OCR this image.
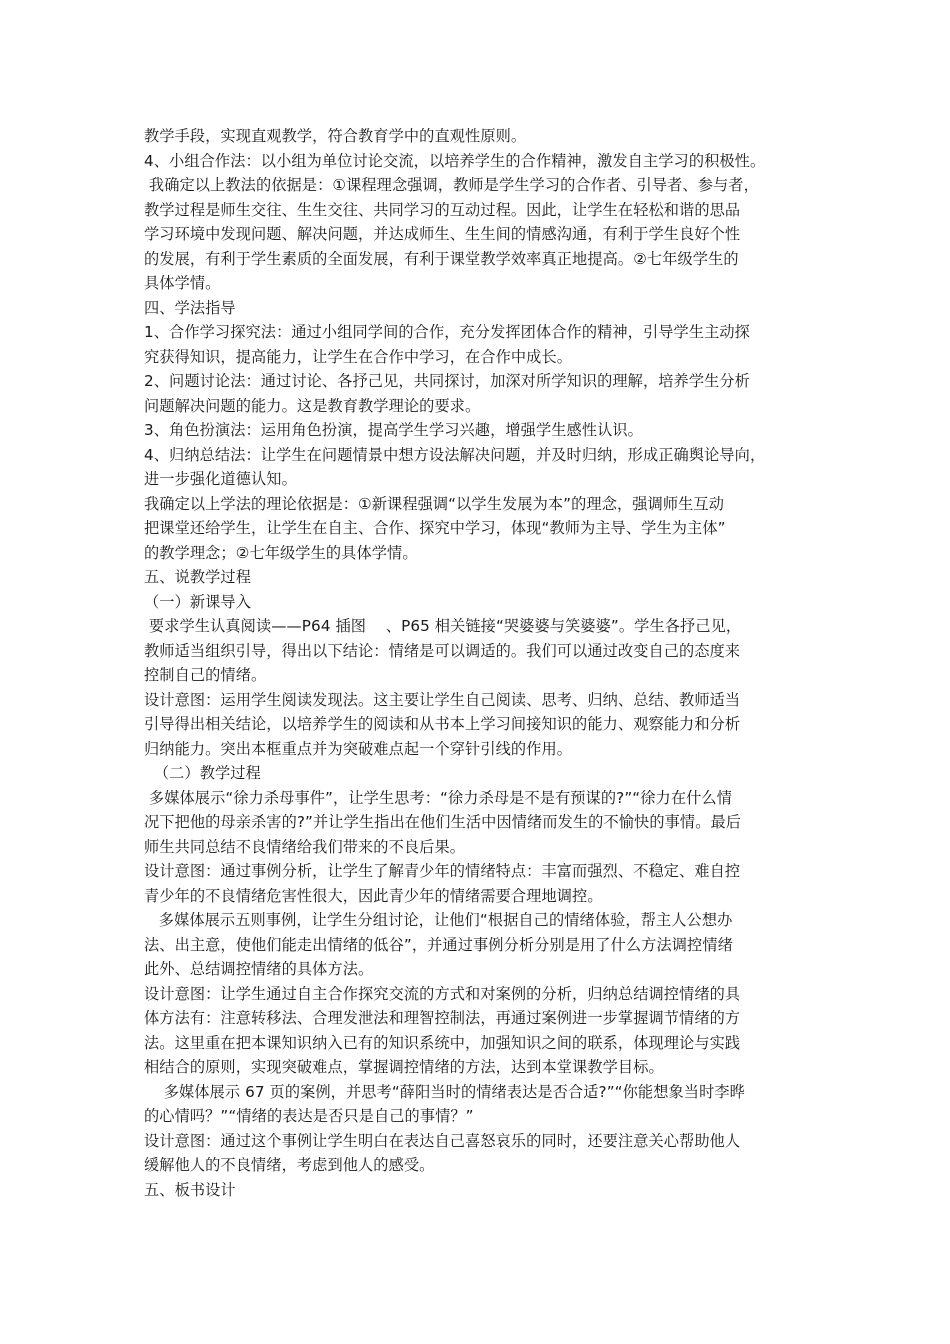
教学手段，实现直观教学，符合教育学中的直观性原则。
4、小组合作法：以小组为单位讨论交流，以培养学生的合作精神，激发自主学习的积极性。
我确定以上教法的依据是：①课程理念强调，教师是学生学习的合作者、引导者、参与者，
教学过程是师生交往、生生交往、共同学习的互动过程。因此，让学生在轻松和谐的思品
学习环境中发现问题、解决问题，并达成师生、生生间的情感沟通，有利于学生良好个性
的发展，有利于学生素质的全面发展，有利于课堂教学效率真正地提高。②七年级学生的
具体学情。
四、学法指导
1、合作学习探究法：通过小组同学间的合作，充分发挥团体合作的精神，引导学生主动探
究获得知识，提高能力，让学生在合作中学习，在合作中成长。
2、问题讨论法：通过讨论、各抒己见，共同探讨，加深对所学知识的理解，培养学生分析
问题解决问题的能力。这是教育教学理论的要求。
3、角色扮演法：运用角色扮演，提高学生学习兴趣，增强学生感性认识。
4、归纳总结法：让学生在问题情景中想方设法解决问题，并及时归纳，形成正确舆论导向，
进一步强化道德认知。
我确定以上学法的理论依据是：①新课程强调“以学生发展为本”的理念，强调师生互动
把课堂还给学生，让学生在自主、合作、探究中学习，体现“教师为主导、学生为主体”
的教学理念；②七年级学生的具体学情。
五、说教学过程
（一）新课导入
要求学生认真阅读——P64 插图    、P65 相关链接“哭婆婆与笑婆婆”。学生各抒己见，
教师适当组织引导，得出以下结论：情绪是可以调适的。我们可以通过改变自己的态度来
控制自己的情绪。
设计意图：运用学生阅读发现法。这主要让学生自己阅读、思考、归纳、总结、教师适当
引导得出相关结论，以培养学生的阅读和从书本上学习间接知识的能力、观察能力和分析
归纳能力。突出本框重点并为突破难点起一个穿针引线的作用。
（二）教学过程
多媒体展示“徐力杀母事件”，让学生思考：“徐力杀母是不是有预谋的?”“徐力在什么情
况下把他的母亲杀害的?”并让学生指出在他们生活中因情绪而发生的不愉快的事情。最后
师生共同总结不良情绪给我们带来的不良后果。
设计意图：通过事例分析，让学生了解青少年的情绪特点：丰富而强烈、不稳定、难自控
青少年的不良情绪危害性很大，因此青少年的情绪需要合理地调控。
多媒体展示五则事例，让学生分组讨论，让他们“根据自己的情绪体验，帮主人公想办
法、出主意，使他们能走出情绪的低谷”，并通过事例分析分别是用了什么方法调控情绪
此外、总结调控情绪的具体方法。
设计意图：让学生通过自主合作探究交流的方式和对案例的分析，归纳总结调控情绪的具
体方法有：注意转移法、合理发泄法和理智控制法，再通过案例进一步掌握调节情绪的方
法。这里重在把本课知识纳入已有的知识系统中，加强知识之间的联系，体现理论与实践
相结合的原则，实现突破难点，掌握调控情绪的方法，达到本堂课教学目标。
多媒体展示 67 页的案例，并思考“薛阳当时的情绪表达是否合适?”“你能想象当时李晔
的心情吗？”“情绪的表达是否只是自己的事情？”
设计意图：通过这个事例让学生明白在表达自己喜怒哀乐的同时，还要注意关心帮助他人
缓解他人的不良情绪，考虑到他人的感受。
五、板书设计
